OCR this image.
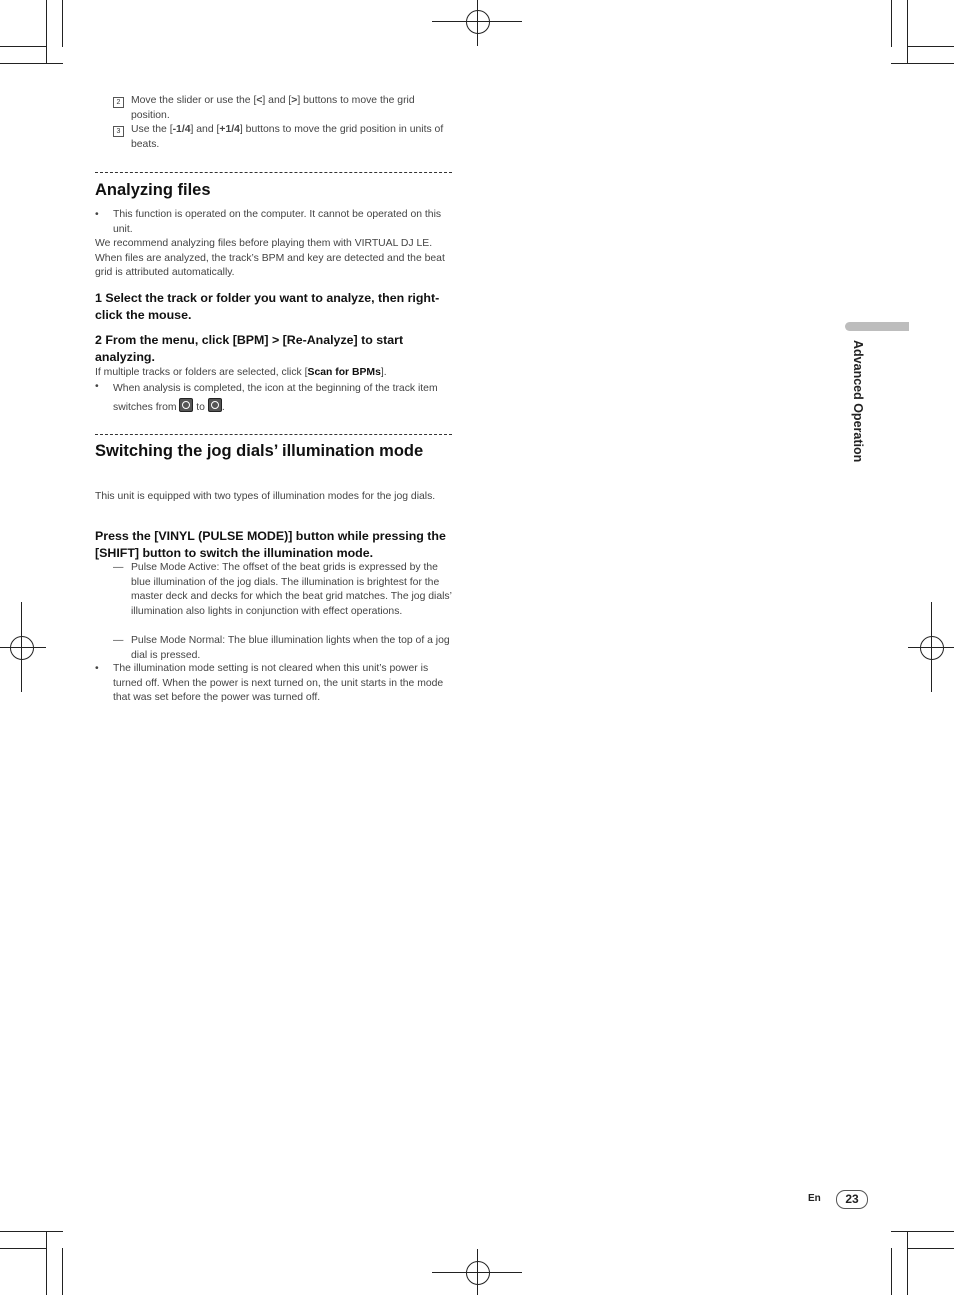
2	Move the slider or use the [<] and [>] buttons to move the grid position.
3	Use the [-1/4] and [+1/4] buttons to move the grid position in units of beats.
Analyzing files
•	This function is operated on the computer. It cannot be operated on this unit.
We recommend analyzing files before playing them with VIRTUAL DJ LE. When files are analyzed, the track’s BPM and key are detected and the beat grid is attributed automatically.

1 Select the track or folder you want to analyze, then right-click the mouse.

2 From the menu, click [BPM] > [Re-Analyze] to start analyzing.

If multiple tracks or folders are selected, click [Scan for BPMs].
•	When analysis is completed, the icon at the beginning of the track item switches from to .
Switching the jog dials’ illumination mode
This unit is equipped with two types of illumination modes for the jog dials.

Press the [VINYL (PULSE MODE)] button while pressing the [SHIFT] button to switch the illumination mode.

— Pulse Mode Active: The offset of the beat grids is expressed by the blue illumination of the jog dials. The illumination is brightest for the master deck and decks for which the beat grid matches. The jog dials’ illumination also lights in conjunction with effect operations.
— Pulse Mode Normal: The blue illumination lights when the top of a jog dial is pressed.
•	The illumination mode setting is not cleared when this unit’s power is turned off. When the power is next turned on, the unit starts in the mode that was set before the power was turned off.
Advanced Operation
En	23
